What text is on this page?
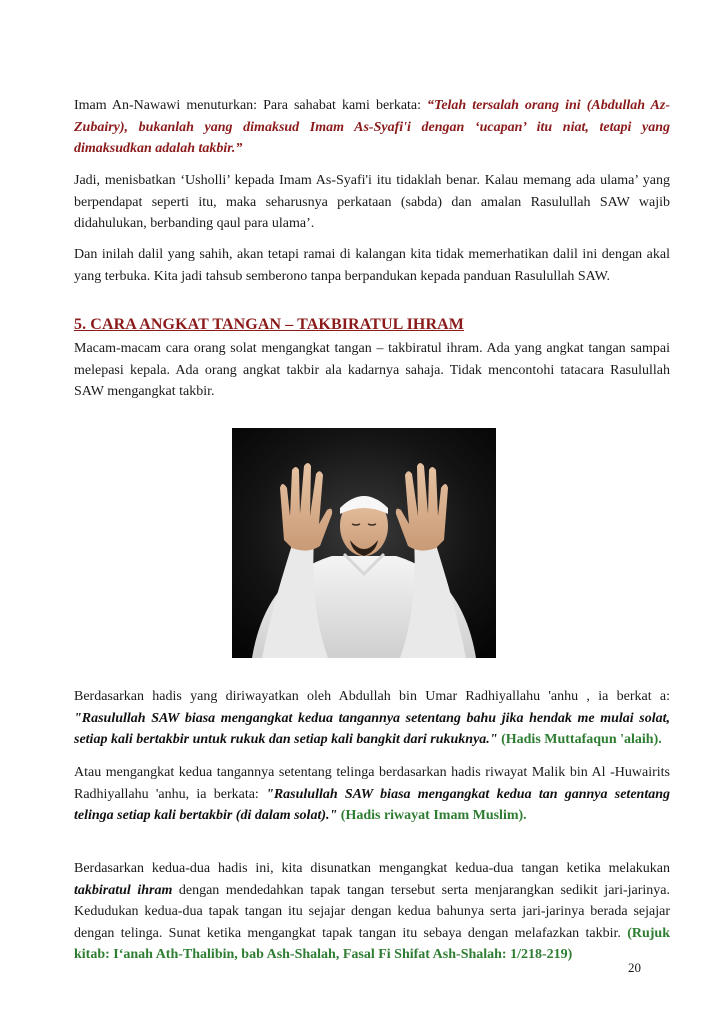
Imam An-Nawawi menuturkan: Para sahabat kami berkata: “Telah tersalah orang ini (Abdullah Az-Zubairy), bukanlah yang dimaksud Imam As-Syafi'i dengan ‘ucapan’ itu niat, tetapi yang dimaksudkan adalah takbir.”

Jadi, menisbatkan ‘Usholli’ kepada Imam As-Syafi'i itu tidaklah benar. Kalau memang ada ulama’ yang berpendapat seperti itu, maka seharusnya perkataan (sabda) dan amalan Rasulullah SAW wajib didahulukan, berbanding qaul para ulama’.

Dan inilah dalil yang sahih, akan tetapi ramai di kalangan kita tidak memerhatikan dalil ini dengan akal yang terbuka. Kita jadi tahsub semberono tanpa berpandukan kepada panduan Rasulullah SAW.

5. CARA ANGKAT TANGAN – TAKBIRATUL IHRAM

Macam-macam cara orang solat mengangkat tangan – takbiratul ihram. Ada yang angkat tangan sampai melepasi kepala. Ada orang angkat takbir ala kadarnya sahaja. Tidak mencontohi tatacara Rasulullah SAW mengangkat takbir.

Berdasarkan hadis yang diriwayatkan oleh Abdullah bin Umar Radhiyallahu 'anhu , ia berkat a: "Rasulullah SAW biasa mengangkat kedua tangannya setentang bahu jika hendak me mulai solat, setiap kali bertakbir untuk rukuk dan setiap kali bangkit dari rukuknya." (Hadis Muttafaqun 'alaih).

Atau mengangkat kedua tangannya setentang telinga berdasarkan hadis riwayat Malik bin Al -Huwairits Radhiyallahu 'anhu, ia berkata: "Rasulullah SAW biasa mengangkat kedua tan gannya setentang telinga setiap kali bertakbir (di dalam solat)." (Hadis riwayat Imam Muslim).

Berdasarkan kedua-dua hadis ini, kita disunatkan mengangkat kedua-dua tangan ketika melakukan takbiratul ihram dengan mendedahkan tapak tangan tersebut serta menjarangkan sedikit jari-jarinya. Kedudukan kedua-dua tapak tangan itu sejajar dengan kedua bahunya serta jari-jarinya berada sejajar dengan telinga. Sunat ketika mengangkat tapak tangan itu sebaya dengan melafazkan takbir. (Rujuk kitab: I‘anah Ath-Thalibin, bab Ash-Shalah, Fasal Fi Shifat Ash-Shalah: 1/218-219)

20
